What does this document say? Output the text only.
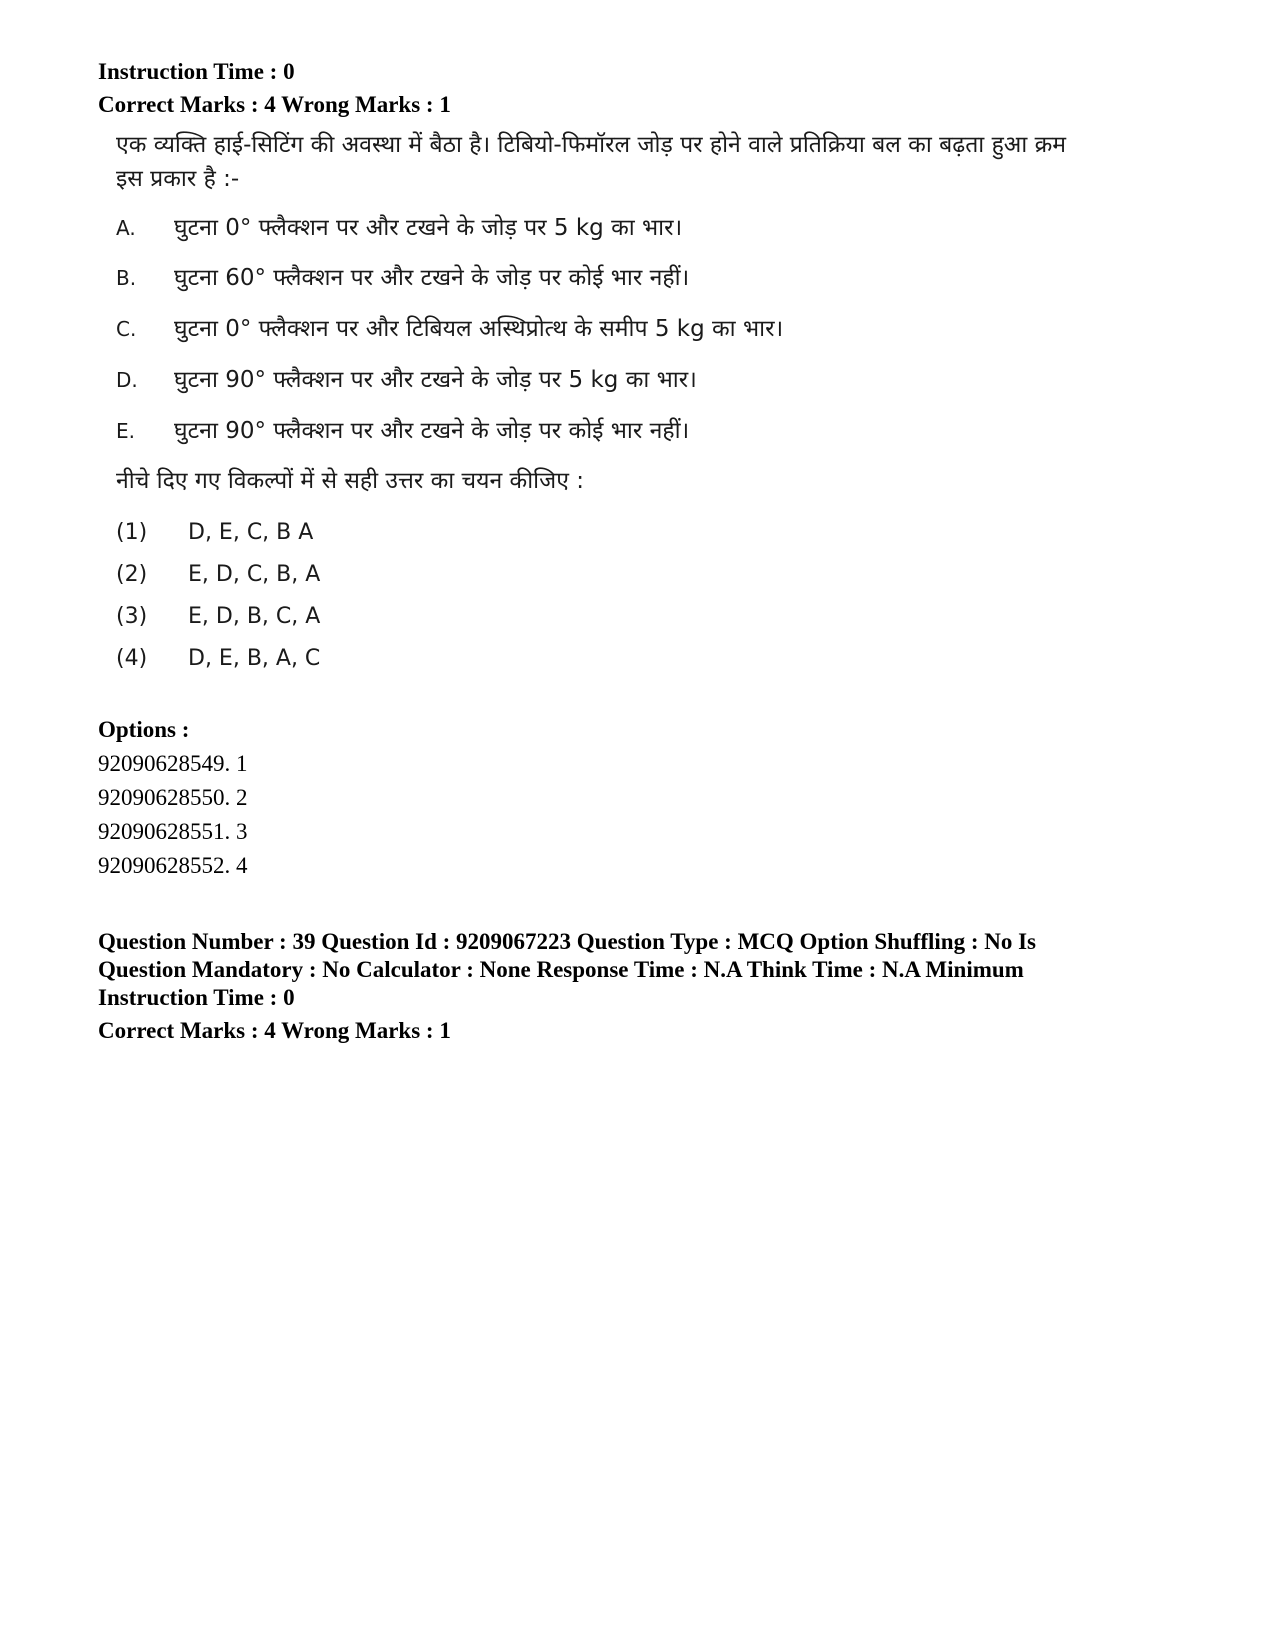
Instruction Time : 0
Correct Marks : 4 Wrong Marks : 1

एक व्यक्ति हाई-सिटिंग की अवस्था में बैठा है। टिबियो-फिमॉरल जोड़ पर होने वाले प्रतिक्रिया बल का बढ़ता हुआ क्रम इस प्रकार है :-

A. घुटना 0° फ्लैक्शन पर और टखने के जोड़ पर 5 kg का भार।
B. घुटना 60° फ्लैक्शन पर और टखने के जोड़ पर कोई भार नहीं।
C. घुटना 0° फ्लैक्शन पर और टिबियल अस्थिप्रोत्थ के समीप 5 kg का भार।
D. घुटना 90° फ्लैक्शन पर और टखने के जोड़ पर 5 kg का भार।
E. घुटना 90° फ्लैक्शन पर और टखने के जोड़ पर कोई भार नहीं।
नीचे दिए गए विकल्पों में से सही उत्तर का चयन कीजिए :
(1) D, E, C, B A
(2) E, D, C, B, A
(3) E, D, B, C, A
(4) D, E, B, A, C
Options :
92090628549. 1
92090628550. 2
92090628551. 3
92090628552. 4
Question Number : 39 Question Id : 9209067223 Question Type : MCQ Option Shuffling : No Is
Question Mandatory : No Calculator : None Response Time : N.A Think Time : N.A Minimum
Instruction Time : 0
Correct Marks : 4 Wrong Marks : 1
